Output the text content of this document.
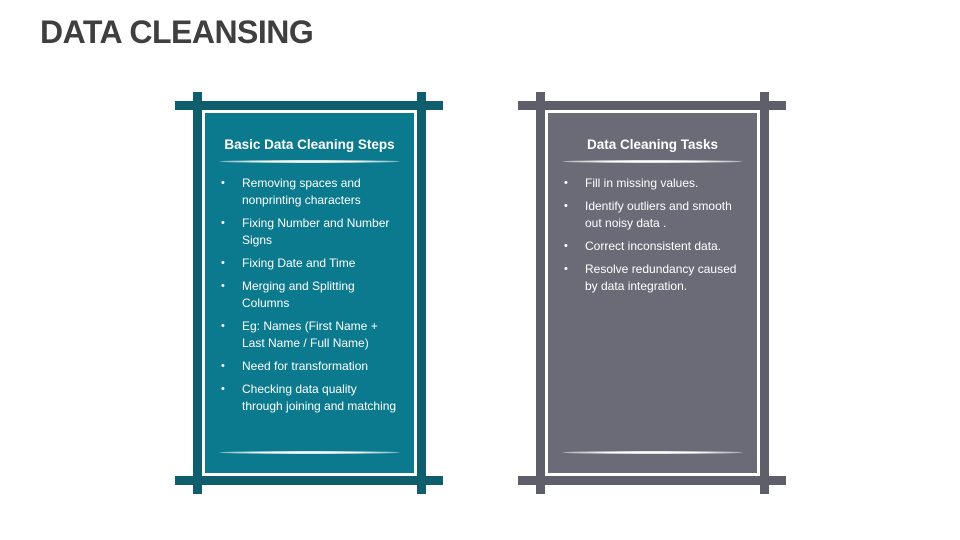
DATA CLEANSING
Basic Data Cleaning Steps
• Removing spaces and nonprinting characters
• Fixing Number and Number Signs
• Fixing Date and Time
• Merging and Splitting Columns
• Eg: Names (First Name + Last Name / Full Name)
• Need for transformation
• Checking data quality through joining and matching
Data Cleaning Tasks
• Fill in missing values.
• Identify outliers and smooth out noisy data .
• Correct inconsistent data.
• Resolve redundancy caused by data integration.
